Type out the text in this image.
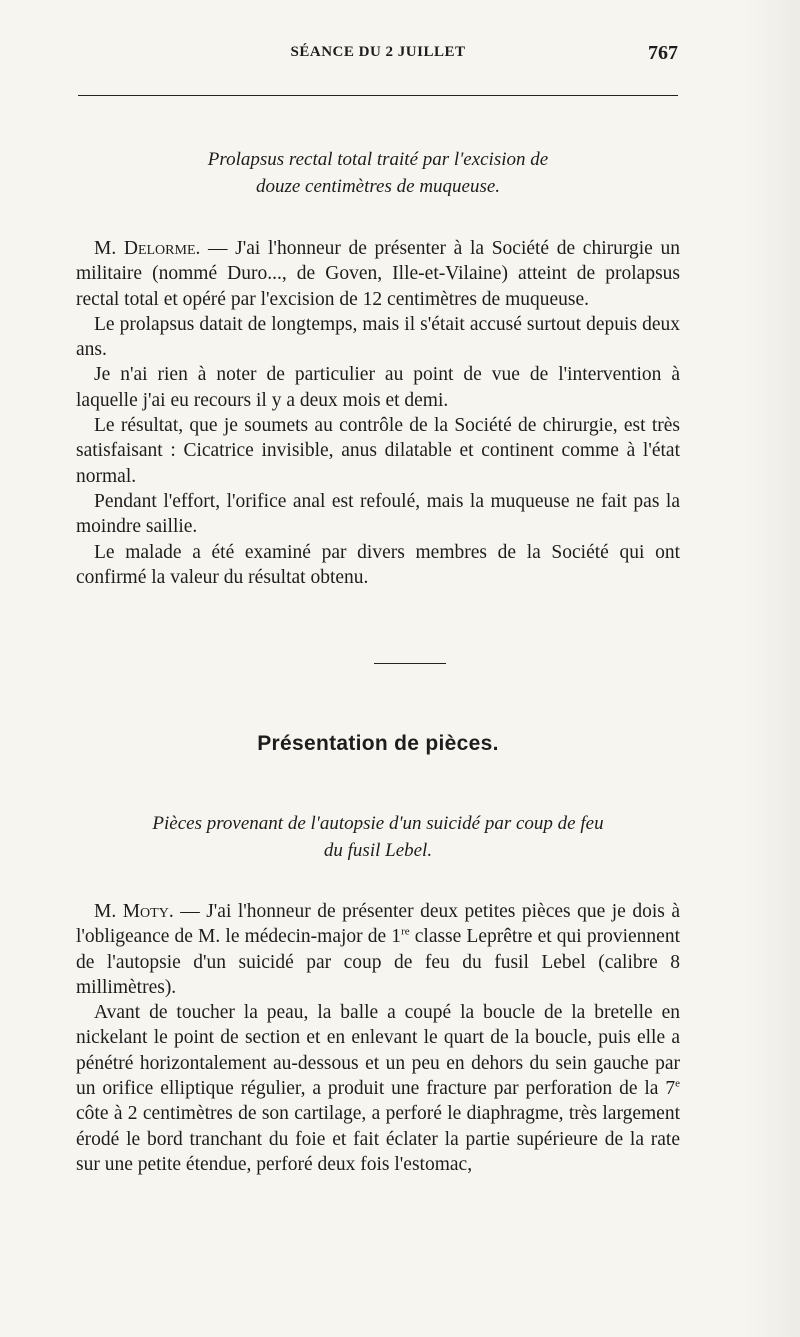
SÉANCE DU 2 JUILLET	767
Prolapsus rectal total traité par l'excision de
douze centimètres de muqueuse.

M. Delorme. — J'ai l'honneur de présenter à la Société de chirurgie un militaire (nommé Duro..., de Goven, Ille-et-Vilaine) atteint de prolapsus rectal total et opéré par l'excision de 12 centimètres de muqueuse.

Le prolapsus datait de longtemps, mais il s'était accusé surtout depuis deux ans.

Je n'ai rien à noter de particulier au point de vue de l'intervention à laquelle j'ai eu recours il y a deux mois et demi.

Le résultat, que je soumets au contrôle de la Société de chirurgie, est très satisfaisant : Cicatrice invisible, anus dilatable et continent comme à l'état normal.

Pendant l'effort, l'orifice anal est refoulé, mais la muqueuse ne fait pas la moindre saillie.

Le malade a été examiné par divers membres de la Société qui ont confirmé la valeur du résultat obtenu.

Présentation de pièces.
Pièces provenant de l'autopsie d'un suicidé par coup de feu
du fusil Lebel.

M. Moty. — J'ai l'honneur de présenter deux petites pièces que je dois à l'obligeance de M. le médecin-major de 1re classe Leprêtre et qui proviennent de l'autopsie d'un suicidé par coup de feu du fusil Lebel (calibre 8 millimètres).

Avant de toucher la peau, la balle a coupé la boucle de la bretelle en nickelant le point de section et en enlevant le quart de la boucle, puis elle a pénétré horizontalement au-dessous et un peu en dehors du sein gauche par un orifice elliptique régulier, a produit une fracture par perforation de la 7e côte à 2 centimètres de son cartilage, a perforé le diaphragme, très largement érodé le bord tranchant du foie et fait éclater la partie supérieure de la rate sur une petite étendue, perforé deux fois l'estomac,
